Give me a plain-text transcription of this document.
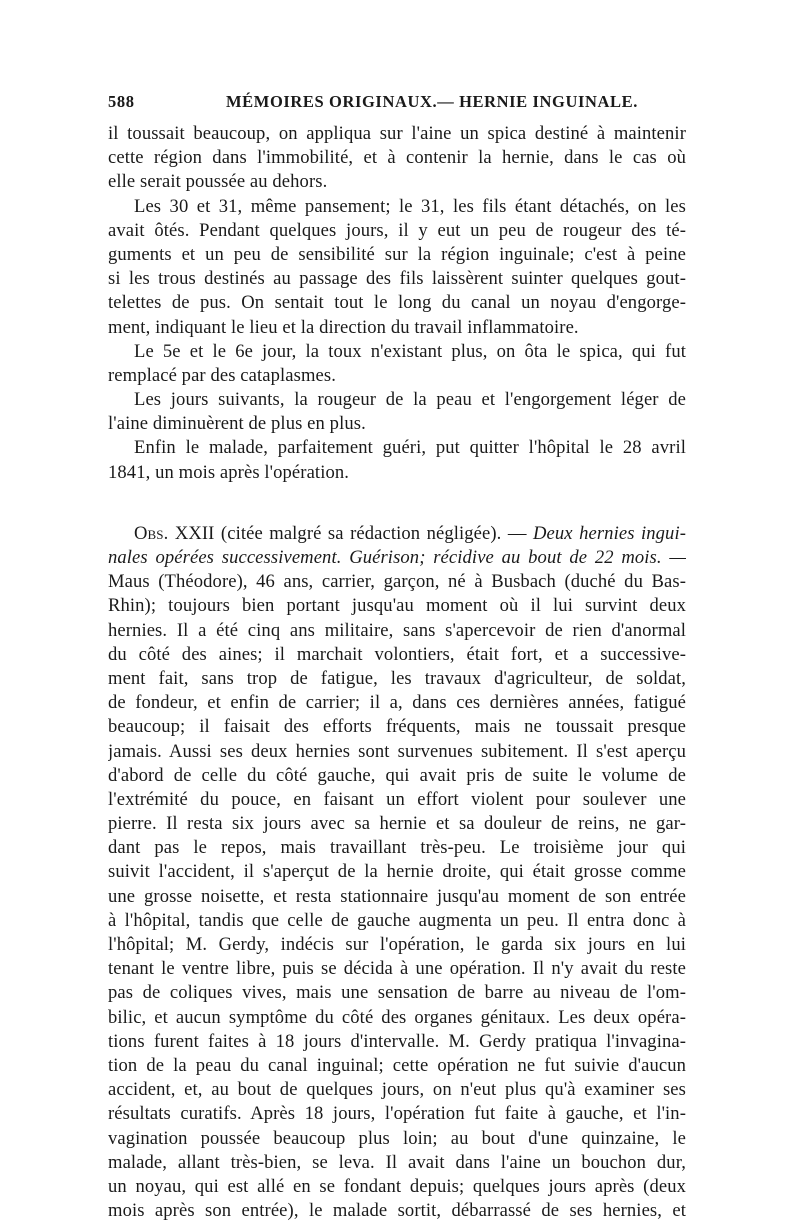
588	MÉMOIRES ORIGINAUX.— HERNIE INGUINALE.
il toussait beaucoup, on appliqua sur l'aine un spica destiné à maintenir
cette région dans l'immobilité, et à contenir la hernie, dans le cas où
elle serait poussée au dehors.
Les 30 et 31, même pansement; le 31, les fils étant détachés, on les
avait ôtés. Pendant quelques jours, il y eut un peu de rougeur des té-
guments et un peu de sensibilité sur la région inguinale; c'est à peine
si les trous destinés au passage des fils laissèrent suinter quelques gout-
telettes de pus. On sentait tout le long du canal un noyau d'engorge-
ment, indiquant le lieu et la direction du travail inflammatoire.
Le 5e et le 6e jour, la toux n'existant plus, on ôta le spica, qui fut
remplacé par des cataplasmes.
Les jours suivants, la rougeur de la peau et l'engorgement léger de
l'aine diminuèrent de plus en plus.
Enfin le malade, parfaitement guéri, put quitter l'hôpital le 28 avril
1841, un mois après l'opération.
Obs. XXII (citée malgré sa rédaction négligée). — Deux hernies ingui-
nales opérées successivement. Guérison; récidive au bout de 22 mois. —
Maus (Théodore), 46 ans, carrier, garçon, né à Busbach (duché du Bas-
Rhin); toujours bien portant jusqu'au moment où il lui survint deux
hernies. Il a été cinq ans militaire, sans s'apercevoir de rien d'anormal
du côté des aines; il marchait volontiers, était fort, et a successive-
ment fait, sans trop de fatigue, les travaux d'agriculteur, de soldat,
de fondeur, et enfin de carrier; il a, dans ces dernières années, fatigué
beaucoup; il faisait des efforts fréquents, mais ne toussait presque
jamais. Aussi ses deux hernies sont survenues subitement. Il s'est aperçu
d'abord de celle du côté gauche, qui avait pris de suite le volume de
l'extrémité du pouce, en faisant un effort violent pour soulever une
pierre. Il resta six jours avec sa hernie et sa douleur de reins, ne gar-
dant pas le repos, mais travaillant très-peu. Le troisième jour qui
suivit l'accident, il s'aperçut de la hernie droite, qui était grosse comme
une grosse noisette, et resta stationnaire jusqu'au moment de son entrée
à l'hôpital, tandis que celle de gauche augmenta un peu. Il entra donc à
l'hôpital; M. Gerdy, indécis sur l'opération, le garda six jours en lui
tenant le ventre libre, puis se décida à une opération. Il n'y avait du reste
pas de coliques vives, mais une sensation de barre au niveau de l'om-
bilic, et aucun symptôme du côté des organes génitaux. Les deux opéra-
tions furent faites à 18 jours d'intervalle. M. Gerdy pratiqua l'invagina-
tion de la peau du canal inguinal; cette opération ne fut suivie d'aucun
accident, et, au bout de quelques jours, on n'eut plus qu'à examiner ses
résultats curatifs. Après 18 jours, l'opération fut faite à gauche, et l'in-
vagination poussée beaucoup plus loin; au bout d'une quinzaine, le
malade, allant très-bien, se leva. Il avait dans l'aine un bouchon dur,
un noyau, qui est allé en se fondant depuis; quelques jours après (deux
mois après son entrée), le malade sortit, débarrassé de ses hernies, et
